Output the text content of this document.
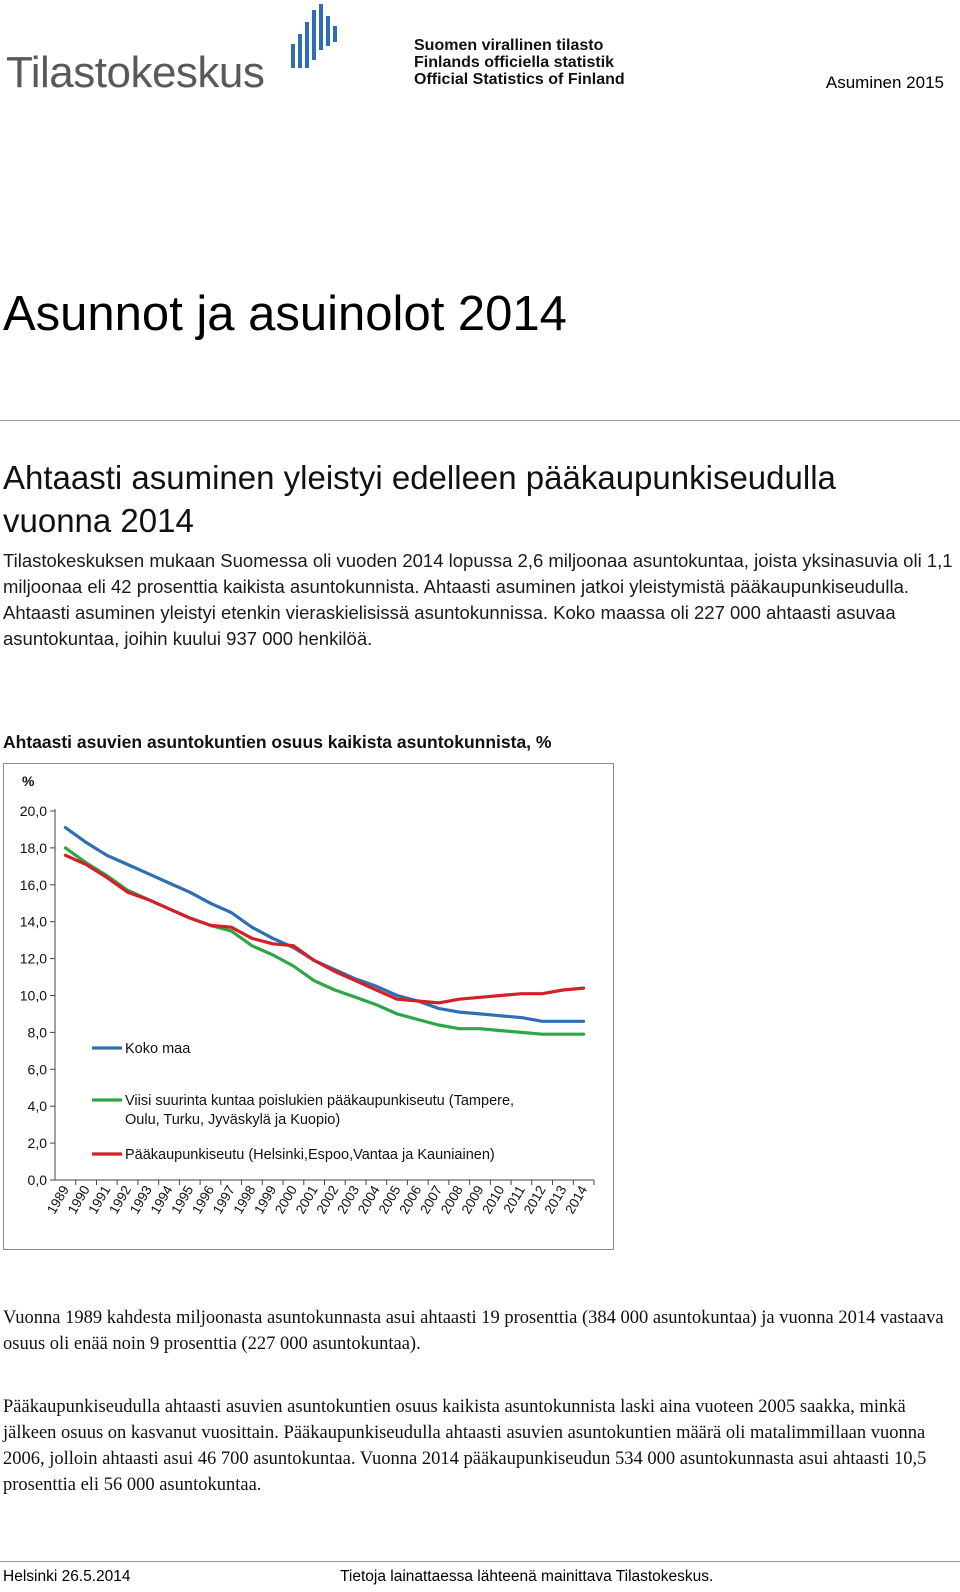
Tilastokeskus
Suomen virallinen tilasto
Finlands officiella statistik
Official Statistics of Finland	Asuminen 2015
Asunnot ja asuinolot 2014
Ahtaasti asuminen yleistyi edelleen pääkaupunkiseudulla vuonna 2014
Tilastokeskuksen mukaan Suomessa oli vuoden 2014 lopussa 2,6 miljoonaa asuntokuntaa, joista yksinasuvia oli 1,1 miljoonaa eli 42 prosenttia kaikista asuntokunnista. Ahtaasti asuminen jatkoi yleistymistä pääkaupunkiseudulla. Ahtaasti asuminen yleistyi etenkin vieraskielisissä asuntokunnissa. Koko maassa oli 227 000 ahtaasti asuvaa asuntokuntaa, joihin kuului 937 000 henkilöä.
Ahtaasti asuvien asuntokuntien osuus kaikista asuntokunnista, %
%
0,0
2,0
4,0
6,0
8,0
10,0
12,0
14,0
16,0
18,0
20,0
1989
1990
1991
1992
1993
1994
1995
1996
1997
1998
1999
2000
2001
2002
2003
2004
2005
2006
2007
2008
2009
2010
2011
2012
2013
2014
Koko maa
Viisi suurinta kuntaa poislukien pääkaupunkiseutu (Tampere,
Oulu, Turku, Jyväskylä ja Kuopio)
Pääkaupunkiseutu (Helsinki,Espoo,Vantaa ja Kauniainen)
Vuonna 1989 kahdesta miljoonasta asuntokunnasta asui ahtaasti 19 prosenttia (384 000 asuntokuntaa) ja vuonna 2014 vastaava osuus oli enää noin 9 prosenttia (227 000 asuntokuntaa).
Pääkaupunkiseudulla ahtaasti asuvien asuntokuntien osuus kaikista asuntokunnista laski aina vuoteen 2005 saakka, minkä jälkeen osuus on kasvanut vuosittain. Pääkaupunkiseudulla ahtaasti asuvien asuntokuntien määrä oli matalimmillaan vuonna 2006, jolloin ahtaasti asui 46 700 asuntokuntaa. Vuonna 2014 pääkaupunkiseudun 534 000 asuntokunnasta asui ahtaasti 10,5 prosenttia eli 56 000 asuntokuntaa.
Helsinki 26.5.2014	Tietoja lainattaessa lähteenä mainittava Tilastokeskus.
